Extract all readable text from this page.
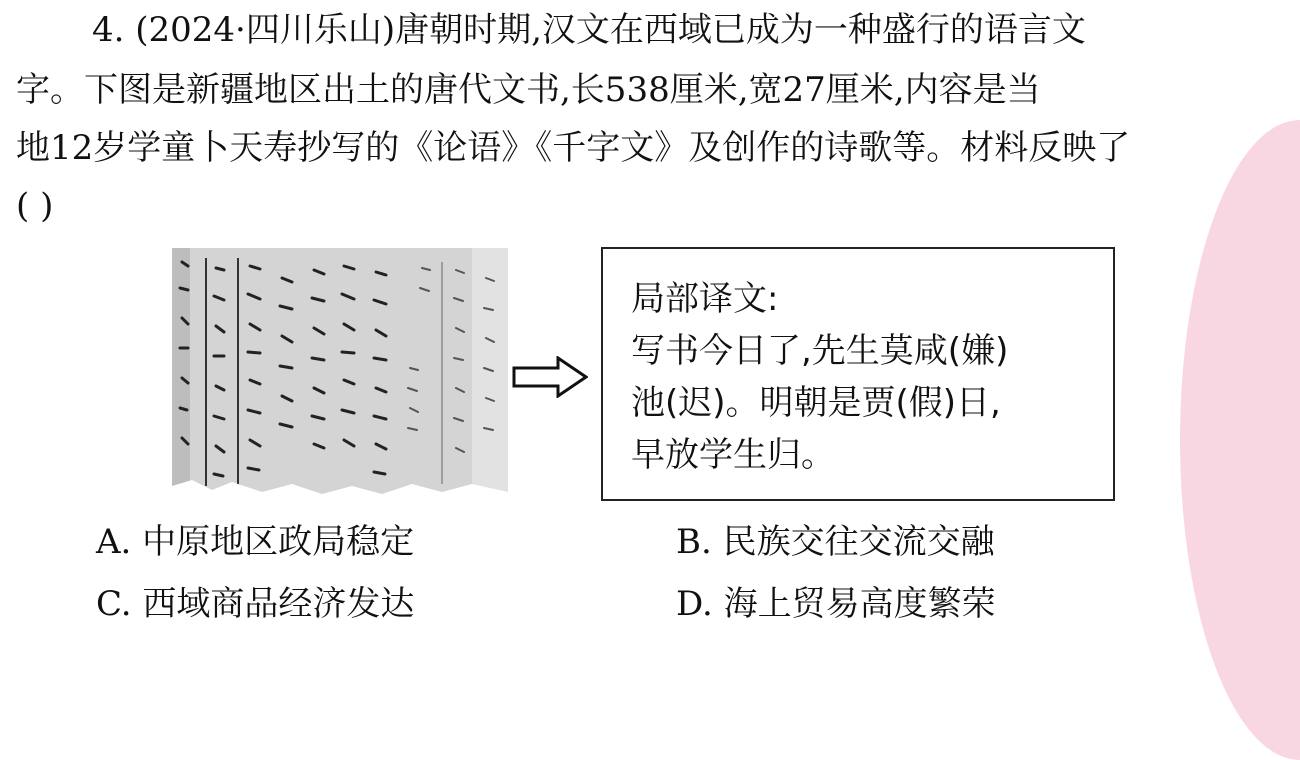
4. (2024·四川乐山)唐朝时期,汉文在西域已成为一种盛行的语言文
字。下图是新疆地区出土的唐代文书,长538厘米,宽27厘米,内容是当
地12岁学童卜天寿抄写的《论语》《千字文》及创作的诗歌等。材料反映了
( )
局部译文:
写书今日了,先生莫咸(嫌)
池(迟)。明朝是贾(假)日,
早放学生归。
A. 中原地区政局稳定	B. 民族交往交流交融
C. 西域商品经济发达	D. 海上贸易高度繁荣
